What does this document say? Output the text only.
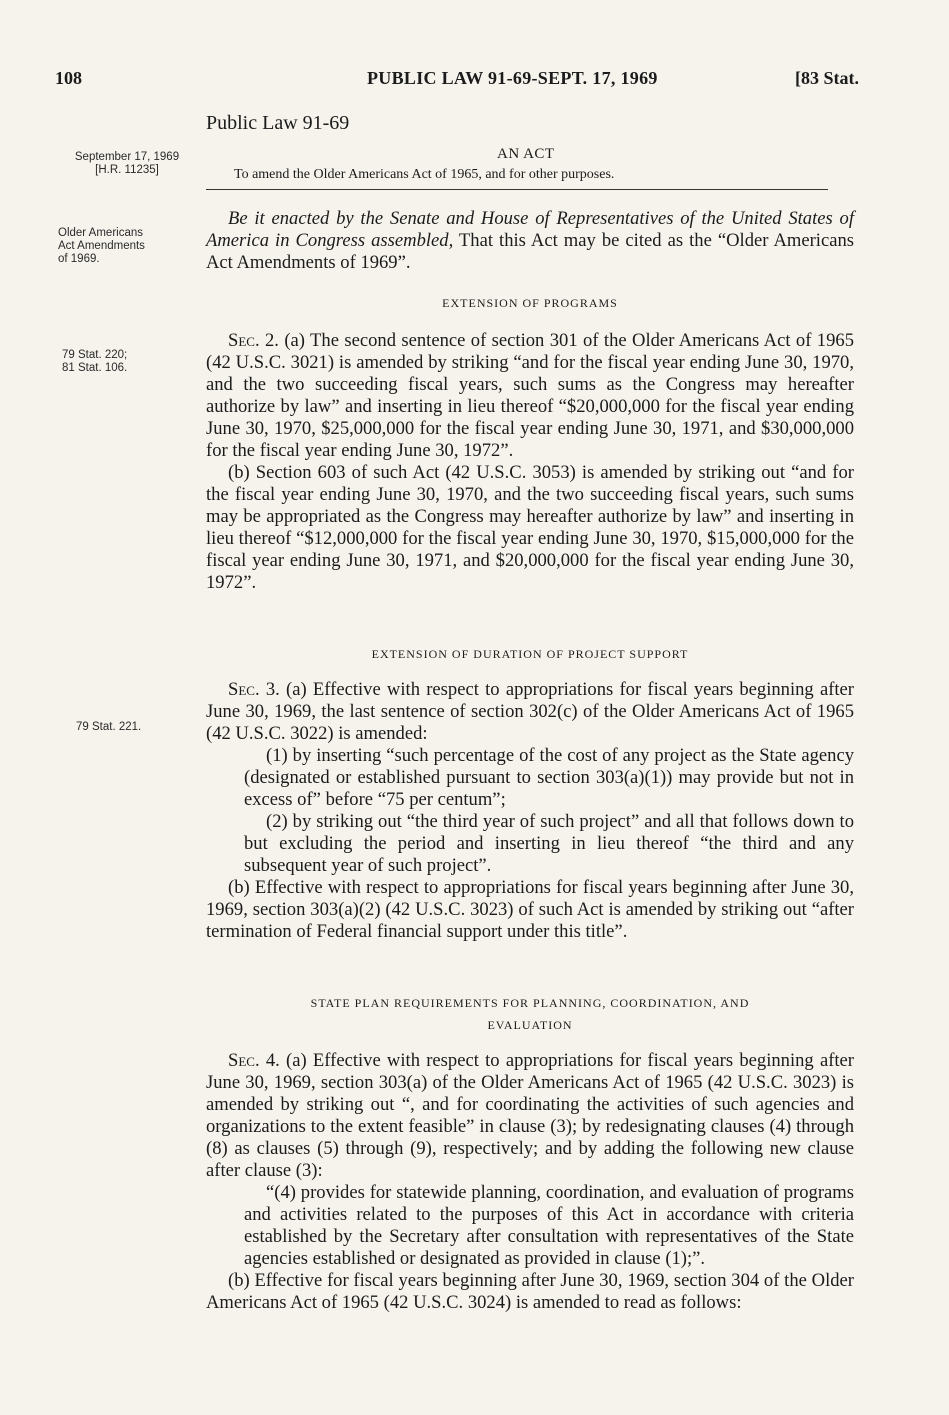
108	PUBLIC LAW 91-69-SEPT. 17, 1969	[83 Stat.
Public Law 91-69
AN ACT
To amend the Older Americans Act of 1965, and for other purposes.
September 17, 1969
[H.R. 11235]
Older Americans
Act Amendments
of 1969.
79 Stat. 220;
81 Stat. 106.
79 Stat. 221.

Be it enacted by the Senate and House of Representatives of the United States of America in Congress assembled, That this Act may be cited as the “Older Americans Act Amendments of 1969”.

EXTENSION OF PROGRAMS

Sec. 2. (a) The second sentence of section 301 of the Older Americans Act of 1965 (42 U.S.C. 3021) is amended by striking “and for the fiscal year ending June 30, 1970, and the two succeeding fiscal years, such sums as the Congress may hereafter authorize by law” and inserting in lieu thereof “$20,000,000 for the fiscal year ending June 30, 1970, $25,000,000 for the fiscal year ending June 30, 1971, and $30,000,000 for the fiscal year ending June 30, 1972”.

(b) Section 603 of such Act (42 U.S.C. 3053) is amended by striking out “and for the fiscal year ending June 30, 1970, and the two succeeding fiscal years, such sums may be appropriated as the Congress may hereafter authorize by law” and inserting in lieu thereof “$12,000,000 for the fiscal year ending June 30, 1970, $15,000,000 for the fiscal year ending June 30, 1971, and $20,000,000 for the fiscal year ending June 30, 1972”.

EXTENSION OF DURATION OF PROJECT SUPPORT

Sec. 3. (a) Effective with respect to appropriations for fiscal years beginning after June 30, 1969, the last sentence of section 302(c) of the Older Americans Act of 1965 (42 U.S.C. 3022) is amended:

(1) by inserting “such percentage of the cost of any project as the State agency (designated or established pursuant to section 303(a)(1)) may provide but not in excess of” before “75 per centum”;

(2) by striking out “the third year of such project” and all that follows down to but excluding the period and inserting in lieu thereof “the third and any subsequent year of such project”.

(b) Effective with respect to appropriations for fiscal years beginning after June 30, 1969, section 303(a)(2) (42 U.S.C. 3023) of such Act is amended by striking out “after termination of Federal financial support under this title”.

STATE PLAN REQUIREMENTS FOR PLANNING, COORDINATION, AND
EVALUATION

Sec. 4. (a) Effective with respect to appropriations for fiscal years beginning after June 30, 1969, section 303(a) of the Older Americans Act of 1965 (42 U.S.C. 3023) is amended by striking out “, and for coordinating the activities of such agencies and organizations to the extent feasible” in clause (3); by redesignating clauses (4) through (8) as clauses (5) through (9), respectively; and by adding the following new clause after clause (3):

“(4) provides for statewide planning, coordination, and evaluation of programs and activities related to the purposes of this Act in accordance with criteria established by the Secretary after consultation with representatives of the State agencies established or designated as provided in clause (1);”.

(b) Effective for fiscal years beginning after June 30, 1969, section 304 of the Older Americans Act of 1965 (42 U.S.C. 3024) is amended to read as follows:
